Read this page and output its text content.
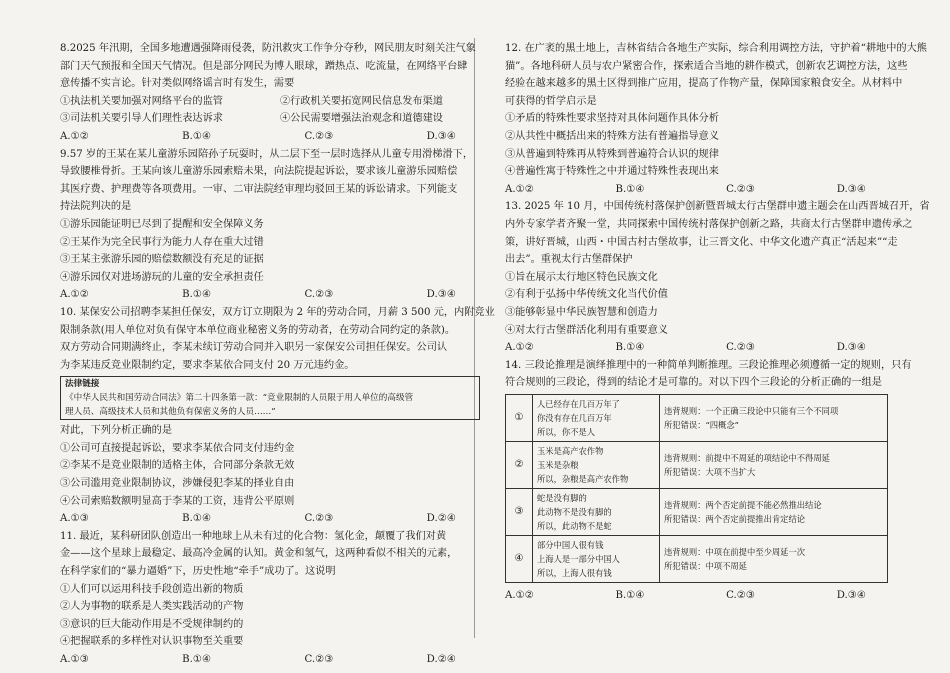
8.2025 年汛期，全国多地遭遇强降雨侵袭，防汛救灾工作争分夺秒，网民朋友时刻关注气象
部门天气预报和全国天气情况。但是部分网民为博人眼球，蹭热点、吃流量，在网络平台肆
意传播不实言论。针对类似网络谣言时有发生，需要
①执法机关要加强对网络平台的监管	②行政机关要拓宽网民信息发布渠道
③司法机关要引导人们理性表达诉求	④公民需要增强法治观念和道德建设
A.①②	B.①④	C.②③	D.③④
9.57 岁的王某在某儿童游乐园陪孙子玩耍时，从二层下至一层时选择从儿童专用滑梯滑下，
导致腰椎骨折。王某向该儿童游乐园索赔未果，向法院提起诉讼，要求该儿童游乐园赔偿
其医疗费、护理费等各项费用。一审、二审法院经审理均驳回王某的诉讼请求。下列能支
持法院判决的是
①游乐园能证明已尽到了提醒和安全保障义务
②王某作为完全民事行为能力人存在重大过错
③王某主张游乐园的赔偿数额没有充足的证据
④游乐园仅对进场游玩的儿童的安全承担责任
A.①②	B.①④	C.②③	D.③④
10. 某保安公司招聘李某担任保安，双方订立期限为 2 年的劳动合同，月薪 3 500 元，内附竞业
限制条款(用人单位对负有保守本单位商业秘密义务的劳动者，在劳动合同约定的条款)。
双方劳动合同期满终止，李某未续订劳动合同并入职另一家保安公司担任保安。公司认
为李某违反竞业限制约定，要求李某依合同支付 20 万元违约金。
法律链接
《中华人民共和国劳动合同法》第二十四条第一款：“竞业限制的人员限于用人单位的高级管
理人员、高级技术人员和其他负有保密义务的人员……”
对此，下列分析正确的是
①公司可直接提起诉讼，要求李某依合同支付违约金
②李某不是竞业限制的适格主体，合同部分条款无效
③公司滥用竞业限制协议，涉嫌侵犯李某的择业自由
④公司索赔数额明显高于李某的工资，违背公平原则
A.①③	B.①④	C.②③	D.②④
11. 最近，某科研团队创造出一种地球上从未有过的化合物：氢化金，颠覆了我们对黄
金——这个星球上最稳定、最高冷金属的认知。黄金和氢气，这两种看似不相关的元素，
在科学家们的“暴力逼婚”下，历史性地“牵手”成功了。这说明
①人们可以运用科技手段创造出新的物质
②人为事物的联系是人类实践活动的产物
③意识的巨大能动作用是不受规律制约的
④把握联系的多样性对认识事物至关重要
A.①③	B.①④	C.②③	D.②④
12. 在广袤的黑土地上，吉林省结合各地生产实际，综合利用调控方法，守护着“耕地中的大熊
猫”。各地科研人员与农户紧密合作，探索适合当地的耕作模式，创新农艺调控方法，这些
经验在越来越多的黑土区得到推广应用，提高了作物产量，保障国家粮食安全。从材料中
可获得的哲学启示是
①矛盾的特殊性要求坚持对具体问题作具体分析
②从共性中概括出来的特殊方法有普遍指导意义
③从普遍到特殊再从特殊到普遍符合认识的规律
④普遍性寓于特殊性之中并通过特殊性表现出来
A.①②	B.①④	C.②③	D.③④
13. 2025 年 10 月，中国传统村落保护创新暨晋城太行古堡群申遗主题会在山西晋城召开，省
内外专家学者齐聚一堂，共同探索中国传统村落保护创新之路，共商太行古堡群申遗传承之
策，讲好晋城，山西・中国古村古堡故事，让三晋文化、中华文化遗产真正“活起来”“走
出去”。重视太行古堡群保护
①旨在展示太行地区特色民族文化
②有利于弘扬中华传统文化当代价值
③能够彰显中华民族智慧和创造力
④对太行古堡群活化利用有重要意义
A.①②	B.①④	C.②③	D.③④
14. 三段论推理是演绎推理中的一种简单判断推理。三段论推理必须遵循一定的规则，只有
符合规则的三段论，得到的结论才是可靠的。对以下四个三段论的分析正确的一组是
①	人已经存在几百万年了
你没有存在几百万年
所以，你不是人	违背规则：一个正确三段论中只能有三个不同项
所犯错误：“四概念”

②	玉米是高产农作物
玉米是杂粮
所以，杂粮是高产农作物	违背规则：前提中不周延的项结论中不得周延
所犯错误：大项不当扩大

③	蛇是没有脚的
此动物不是没有脚的
所以，此动物不是蛇	违背规则：两个否定前提不能必然推出结论
所犯错误：两个否定前提推出肯定结论

④	部分中国人很有钱
上海人是一部分中国人
所以，上海人很有钱	违背规则：中项在前提中至少周延一次
所犯错误：中项不周延
A.①②	B.①④	C.②③	D.③④
